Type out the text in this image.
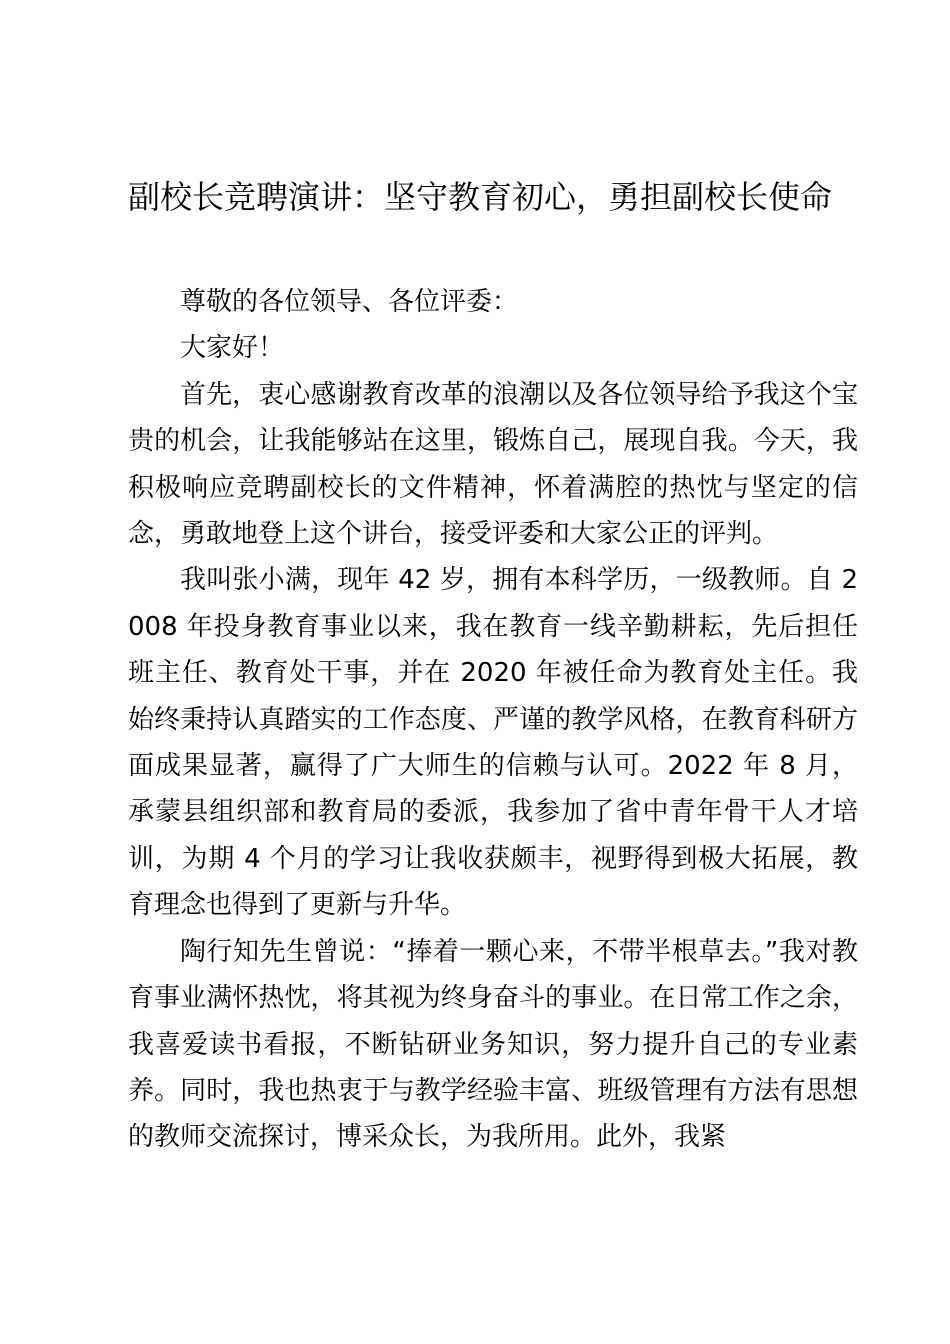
副校长竞聘演讲：坚守教育初心，勇担副校长使命

尊敬的各位领导、各位评委：

大家好！

首先，衷心感谢教育改革的浪潮以及各位领导给予我这个宝贵的机会，让我能够站在这里，锻炼自己，展现自我。今天，我积极响应竞聘副校长的文件精神，怀着满腔的热忱与坚定的信念，勇敢地登上这个讲台，接受评委和大家公正的评判。

我叫张小满，现年 42 岁，拥有本科学历，一级教师。自 2008 年投身教育事业以来，我在教育一线辛勤耕耘，先后担任班主任、教育处干事，并在 2020 年被任命为教育处主任。我始终秉持认真踏实的工作态度、严谨的教学风格，在教育科研方面成果显著，赢得了广大师生的信赖与认可。2022 年 8 月，承蒙县组织部和教育局的委派，我参加了省中青年骨干人才培训，为期 4 个月的学习让我收获颇丰，视野得到极大拓展，教育理念也得到了更新与升华。

陶行知先生曾说：“捧着一颗心来，不带半根草去。”我对教育事业满怀热忱，将其视为终身奋斗的事业。在日常工作之余，我喜爱读书看报，不断钻研业务知识，努力提升自己的专业素养。同时，我也热衷于与教学经验丰富、班级管理有方法有思想的教师交流探讨，博采众长，为我所用。此外，我紧
